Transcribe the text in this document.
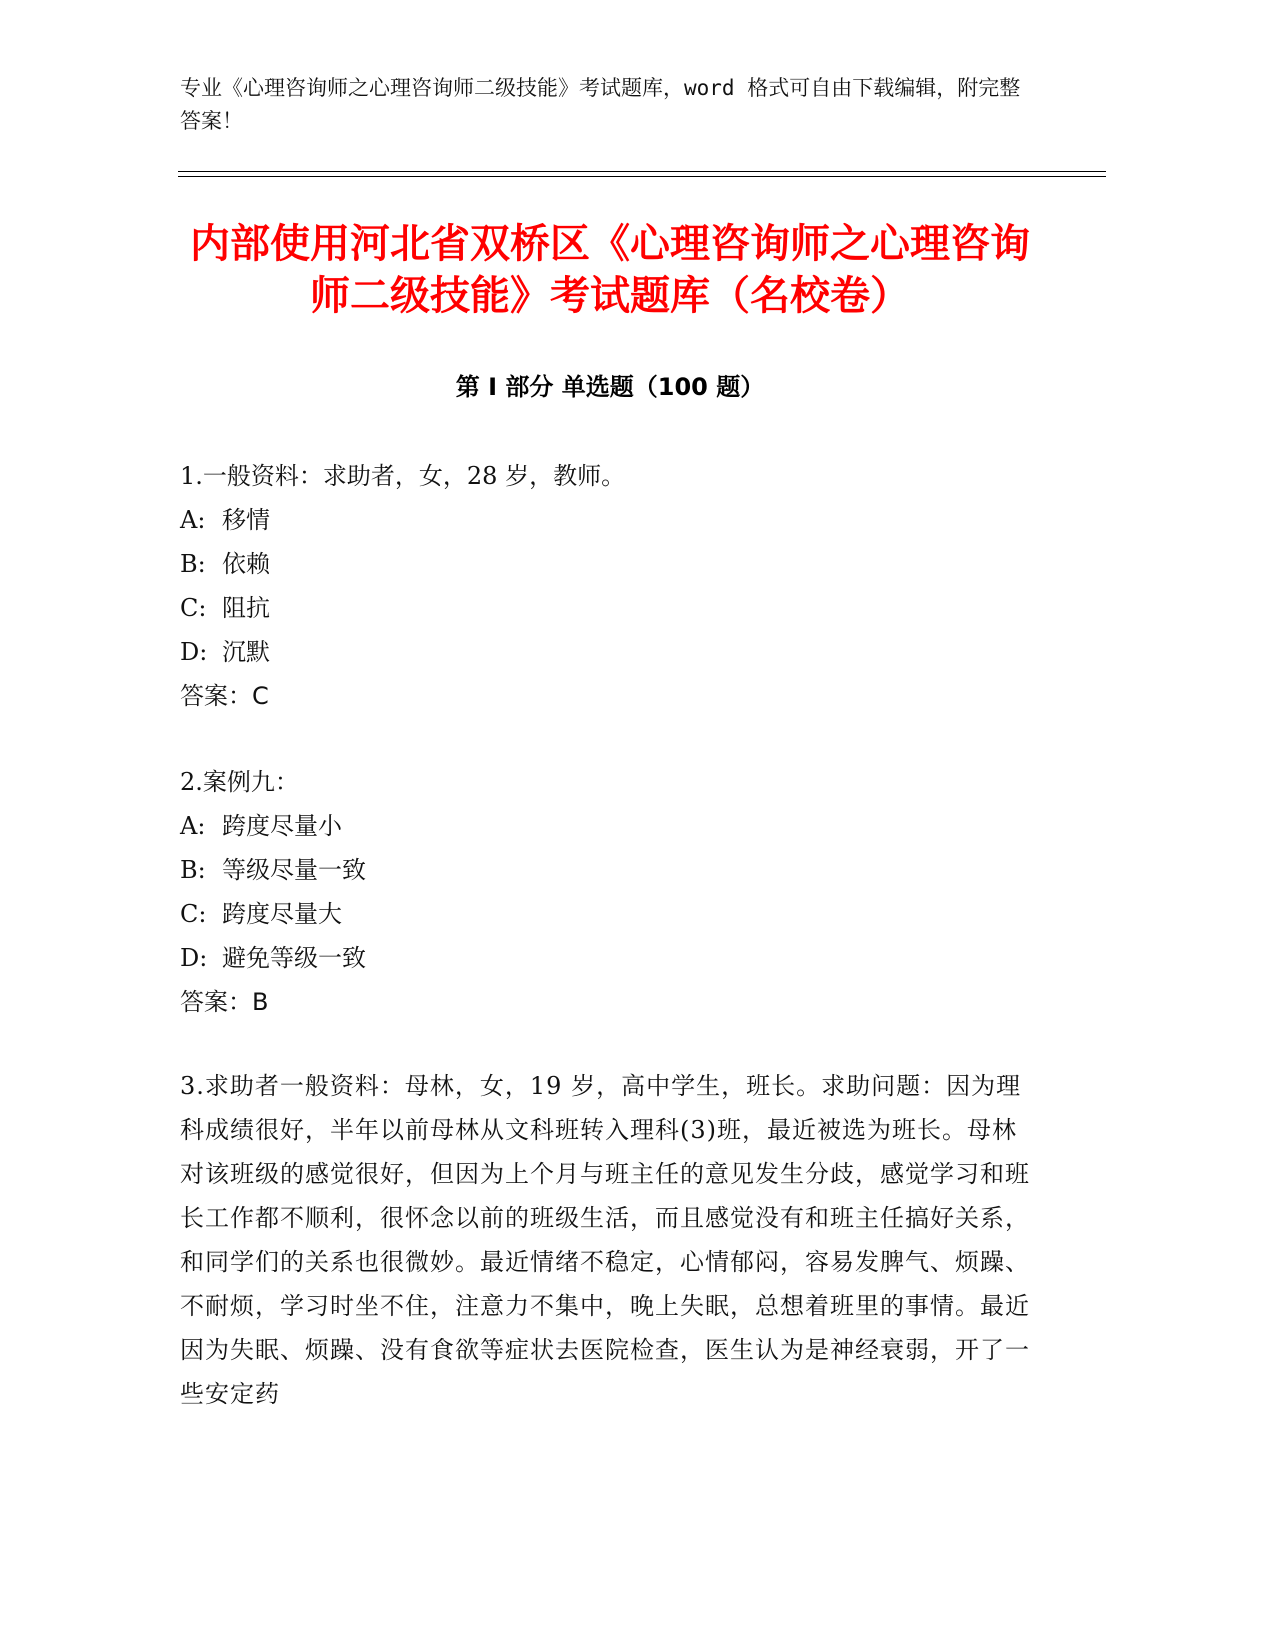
专业《心理咨询师之心理咨询师二级技能》考试题库，word 格式可自由下载编辑，附完整答案！
内部使用河北省双桥区《心理咨询师之心理咨询师二级技能》考试题库（名校卷）
第 I 部分 单选题（100 题）
1.一般资料：求助者，女，28 岁，教师。
A: 移情
B: 依赖
C: 阻抗
D: 沉默
答案：C
2.案例九：
A: 跨度尽量小
B: 等级尽量一致
C: 跨度尽量大
D: 避免等级一致
答案：B
3.求助者一般资料：母林，女，19 岁，高中学生，班长。求助问题：因为理科成绩很好，半年以前母林从文科班转入理科(3)班，最近被选为班长。母林对该班级的感觉很好，但因为上个月与班主任的意见发生分歧，感觉学习和班长工作都不顺利，很怀念以前的班级生活，而且感觉没有和班主任搞好关系，和同学们的关系也很微妙。最近情绪不稳定，心情郁闷，容易发脾气、烦躁、不耐烦，学习时坐不住，注意力不集中，晚上失眠，总想着班里的事情。最近因为失眠、烦躁、没有食欲等症状去医院检查，医生认为是神经衰弱，开了一些安定药
